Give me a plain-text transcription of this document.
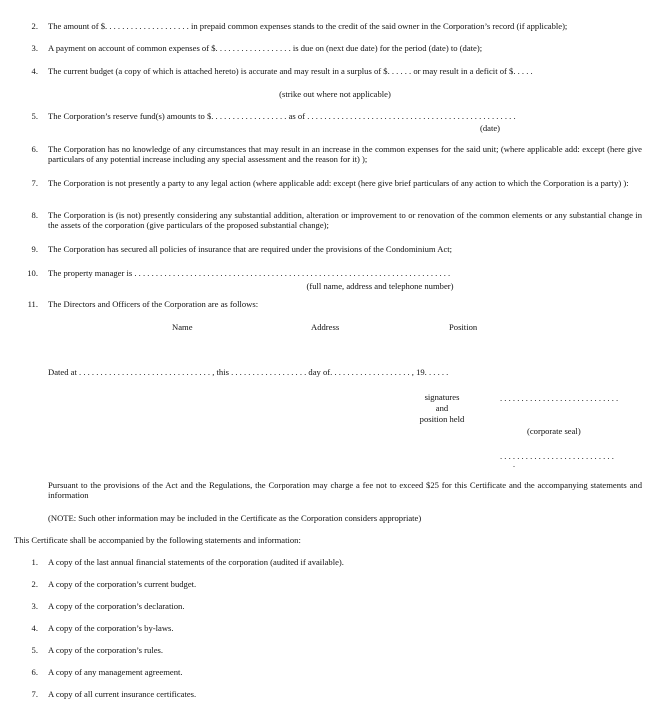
2. The amount of $. . . . . . . . . . . . . . . . . . . . in prepaid common expenses stands to the credit of the said owner in the Corporation’s record (if applicable);
3. A payment on account of common expenses of $. . . . . . . . . . . . . . . . . . is due on (next due date) for the period (date) to (date);
4. The current budget (a copy of which is attached hereto) is accurate and may result in a surplus of $. . . . . . or may result in a deficit of $. . . . .
(strike out where not applicable)
5. The Corporation’s reserve fund(s) amounts to $. . . . . . . . . . . . . . . . . . as of . . . . . . . . . . . . . . . . . . . . . . . . . . . . . . . . . . . . . . . . . . . . . . . . .
(date)
6. The Corporation has no knowledge of any circumstances that may result in an increase in the common expenses for the said unit; (where applicable add: except (here give particulars of any potential increase including any special assessment and the reason for it) );
7. The Corporation is not presently a party to any legal action (where applicable add: except (here give brief particulars of any action to which the Corporation is a party) ):
8. The Corporation is (is not) presently considering any substantial addition, alteration or improvement to or renovation of the common elements or any substantial change in the assets of the corporation (give particulars of the proposed substantial change);
9. The Corporation has secured all policies of insurance that are required under the provisions of the Condominium Act;
10. The property manager is . . . . . . . . . . . . . . . . . . . . . . . . . . . . . . . . . . . . . . . . . . . . . . . . . . . . . . . . . . . . . . . . . . . . . . . . . .
(full name, address and telephone number)
11. The Directors and Officers of the Corporation are as follows:
Name	Address	Position
Dated at . . . . . . . . . . . . . . . . . . . . . . . . . . . . . . . , this . . . . . . . . . . . . . . . . . . day of. . . . . . . . . . . . . . . . . . . , 19. . . . . .
signatures
and
position held
. . . . . . . . . . . . . . . . . . . . . . . . . . . .
(corporate seal)
. . . . . . . . . . . . . . . . . . . . . . . . . . .
.
Pursuant to the provisions of the Act and the Regulations, the Corporation may charge a fee not to exceed $25 for this Certificate and the accompanying statements and information
(NOTE: Such other information may be included in the Certificate as the Corporation considers appropriate)
This Certificate shall be accompanied by the following statements and information:
1. A copy of the last annual financial statements of the corporation (audited if available).
2. A copy of the corporation’s current budget.
3. A copy of the corporation’s declaration.
4. A copy of the corporation’s by-laws.
5. A copy of the corporation’s rules.
6. A copy of any management agreement.
7. A copy of all current insurance certificates.
